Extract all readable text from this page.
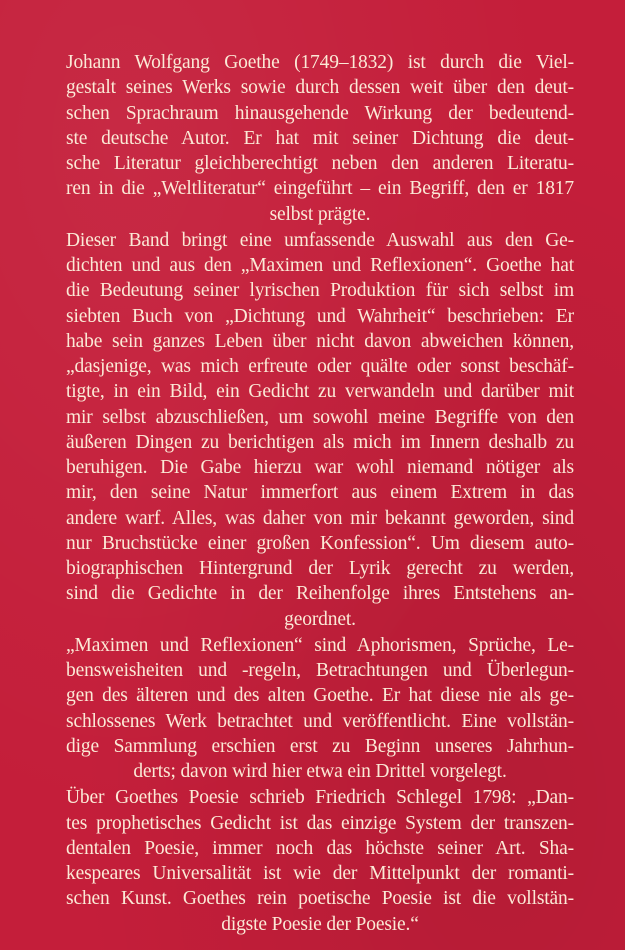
Johann Wolfgang Goethe (1749–1832) ist durch die Viel-
gestalt seines Werks sowie durch dessen weit über den deut-
schen Sprachraum hinausgehende Wirkung der bedeutend-
ste deutsche Autor. Er hat mit seiner Dichtung die deut-
sche Literatur gleichberechtigt neben den anderen Literatu-
ren in die „Weltliteratur“ eingeführt – ein Begriff, den er 1817
selbst prägte.

Dieser Band bringt eine umfassende Auswahl aus den Ge-
dichten und aus den „Maximen und Reflexionen“. Goethe hat
die Bedeutung seiner lyrischen Produktion für sich selbst im
siebten Buch von „Dichtung und Wahrheit“ beschrieben: Er
habe sein ganzes Leben über nicht davon abweichen können,
„dasjenige, was mich erfreute oder quälte oder sonst beschäf-
tigte, in ein Bild, ein Gedicht zu verwandeln und darüber mit
mir selbst abzuschließen, um sowohl meine Begriffe von den
äußeren Dingen zu berichtigen als mich im Innern deshalb zu
beruhigen. Die Gabe hierzu war wohl niemand nötiger als
mir, den seine Natur immerfort aus einem Extrem in das
andere warf. Alles, was daher von mir bekannt geworden, sind
nur Bruchstücke einer großen Konfession“. Um diesem auto-
biographischen Hintergrund der Lyrik gerecht zu werden,
sind die Gedichte in der Reihenfolge ihres Entstehens an-
geordnet.

„Maximen und Reflexionen“ sind Aphorismen, Sprüche, Le-
bensweisheiten und -regeln, Betrachtungen und Überlegun-
gen des älteren und des alten Goethe. Er hat diese nie als ge-
schlossenes Werk betrachtet und veröffentlicht. Eine vollstän-
dige Sammlung erschien erst zu Beginn unseres Jahrhun-
derts; davon wird hier etwa ein Drittel vorgelegt.

Über Goethes Poesie schrieb Friedrich Schlegel 1798: „Dan-
tes prophetisches Gedicht ist das einzige System der transzen-
dentalen Poesie, immer noch das höchste seiner Art. Sha-
kespeares Universalität ist wie der Mittelpunkt der romanti-
schen Kunst. Goethes rein poetische Poesie ist die vollstän-
digste Poesie der Poesie.“
